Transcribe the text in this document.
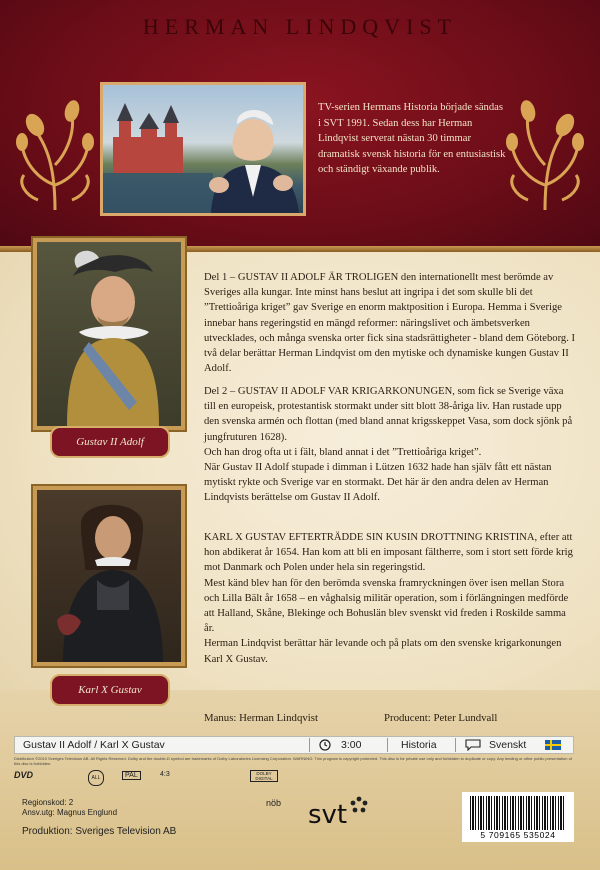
HERMAN LINDQVIST
TV-serien Hermans Historia började sändas i SVT 1991. Sedan dess har Herman Lindqvist serverat nästan 30 timmar dramatisk svensk historia för en entusiastisk och ständigt växande publik.
Gustav II Adolf
Karl X Gustav

Del 1 – GUSTAV II ADOLF ÄR TROLIGEN den internationellt mest berömde av Sveriges alla kungar. Inte minst hans beslut att ingripa i det som skulle bli det ”Trettioåriga kriget” gav Sverige en enorm maktposition i Europa. Hemma i Sverige innebar hans regeringstid en mängd reformer: näringslivet och ämbetsverken utvecklades, och många svenska orter fick sina stadsrättigheter - bland dem Göteborg. I två delar berättar Herman Lindqvist om den mytiske och dynamiske kungen Gustav II Adolf.

Del 2 – GUSTAV II ADOLF VAR KRIGARKONUNGEN, som fick se Sverige växa till en europeisk, protestantisk stormakt under sitt blott 38-åriga liv. Han rustade upp den svenska armén och flottan (med bland annat krigsskeppet Vasa, som dock sjönk på jungfruturen 1628).

Och han drog ofta ut i fält, bland annat i det ”Trettioåriga kriget”.

När Gustav II Adolf stupade i dimman i Lützen 1632 hade han själv fått ett nästan mytiskt rykte och Sverige var en stormakt. Det här är den andra delen av Herman Lindqvists berättelse om Gustav II Adolf.

KARL X GUSTAV EFTERTRÄDDE SIN KUSIN DROTTNING KRISTINA, efter att hon abdikerat år 1654. Han kom att bli en imposant fältherre, som i stort sett förde krig mot Danmark och Polen under hela sin regeringstid.

Mest känd blev han för den berömda svenska framryckningen över isen mellan Stora och Lilla Bält år 1658 – en våghalsig militär operation, som i förlängningen medförde att Halland, Skåne, Blekinge och Bohuslän blev svenskt vid freden i Roskilde samma år.

Herman Lindqvist berättar här levande och på plats om den svenske krigarkonungen Karl X Gustav.

Manus: Herman Lindqvist	Producent: Peter Lundvall
Gustav II Adolf / Karl X Gustav	3:00	Historia	Svenskt
Distribution ©2010 Sveriges Television AB. All Rights Reserved. Dolby and the double-D symbol are trademarks of Dolby Laboratories Licensing Corporation. WARNING: This program is copyright protected. This disc is for private use only and forbidden to duplicate or copy. Any lending or other public presentation of this disc is forbidden.
DVD	ALL	PAL	4:3	DOLBY DIGITAL
nöb
Regionskod: 2
Ansv.utg: Magnus Englund
Produktion: Sveriges Television AB
svt
5 709165 535024
